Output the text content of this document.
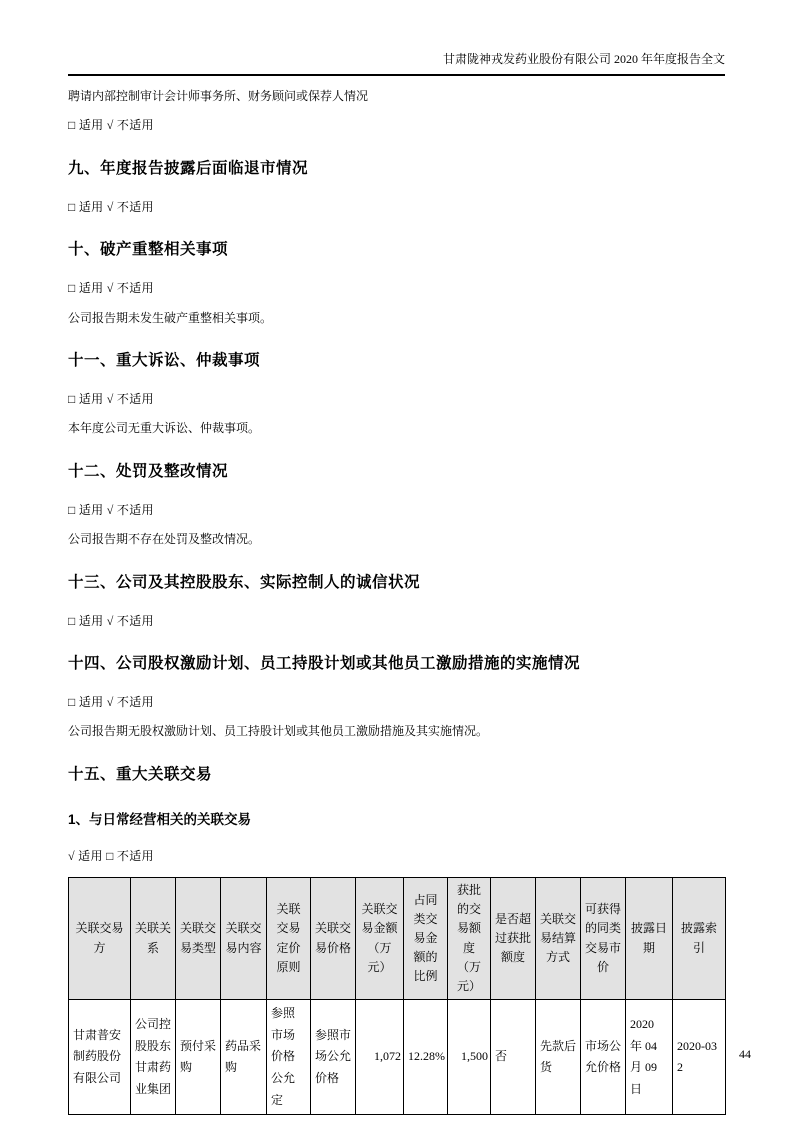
甘肃陇神戎发药业股份有限公司 2020 年年度报告全文

聘请内部控制审计会计师事务所、财务顾问或保荐人情况

□ 适用 √ 不适用

九、年度报告披露后面临退市情况

□ 适用 √ 不适用

十、破产重整相关事项

□ 适用 √ 不适用

公司报告期未发生破产重整相关事项。

十一、重大诉讼、仲裁事项

□ 适用 √ 不适用

本年度公司无重大诉讼、仲裁事项。

十二、处罚及整改情况

□ 适用 √ 不适用

公司报告期不存在处罚及整改情况。

十三、公司及其控股股东、实际控制人的诚信状况

□ 适用 √ 不适用

十四、公司股权激励计划、员工持股计划或其他员工激励措施的实施情况

□ 适用 √ 不适用

公司报告期无股权激励计划、员工持股计划或其他员工激励措施及其实施情况。

十五、重大关联交易
1、与日常经营相关的关联交易

√ 适用 □ 不适用

关联交易方	关联关系	关联交易类型	关联交易内容	关联交易定价原则	关联交易价格	关联交易金额（万元）	占同类交易金额的比例	获批的交易额度（万元）	是否超过获批额度	关联交易结算方式	可获得的同类交易市价	披露日期	披露索引
甘肃普安制药股份有限公司	公司控股股东甘肃药业集团	预付采购	药品采购	参照市场价格公允定	参照市场公允价格	1,072	12.28%	1,500	否	先款后货	市场公允价格	2020 年 04 月 09 日	2020-032
44
